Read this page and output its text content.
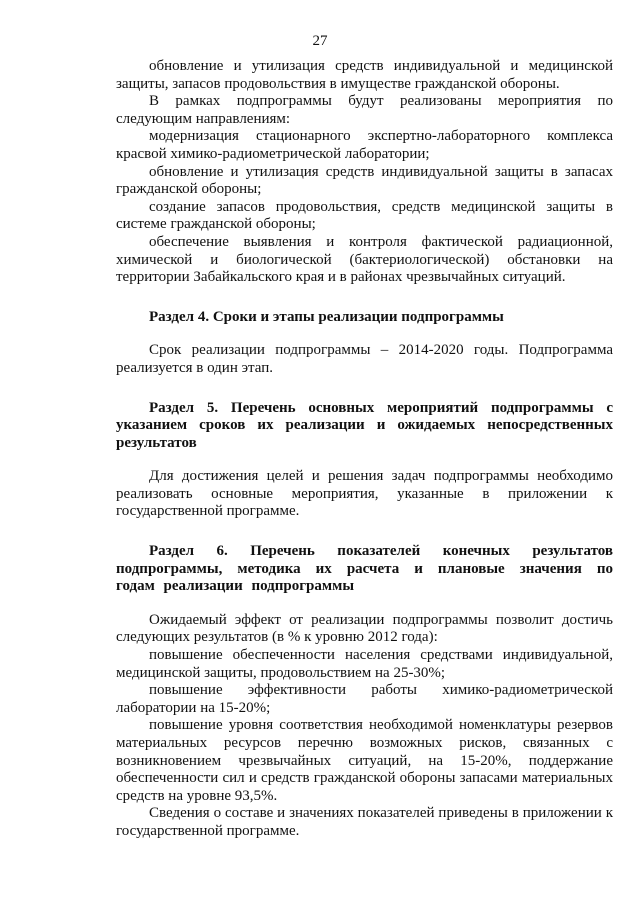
27

обновление и утилизация средств индивидуальной и медицинской защиты, запасов продовольствия в имуществе гражданской обороны.

В рамках подпрограммы будут реализованы мероприятия по следующим направлениям:

модернизация стационарного экспертно-лабораторного комплекса красвой химико-радиометрической лаборатории;

обновление и утилизация средств индивидуальной защиты в запасах гражданской обороны;

создание запасов продовольствия, средств медицинской защиты в системе гражданской обороны;

обеспечение выявления и контроля фактической радиационной, химической и биологической (бактериологической) обстановки на территории Забайкальского края и в районах чрезвычайных ситуаций.

Раздел 4. Сроки и этапы реализации подпрограммы

Срок реализации подпрограммы – 2014-2020 годы. Подпрограмма реализуется в один этап.

Раздел 5. Перечень основных мероприятий подпрограммы с указанием сроков их реализации и ожидаемых непосредственных результатов

Для достижения целей и решения задач подпрограммы необходимо реализовать основные мероприятия, указанные в приложении к государственной программе.

Раздел 6. Перечень показателей конечных результатов подпрограммы, методика их расчета и плановые значения по годам реализации подпрограммы

Ожидаемый эффект от реализации подпрограммы позволит достичь следующих результатов (в % к уровню 2012 года):

повышение обеспеченности населения средствами индивидуальной, медицинской защиты, продовольствием на 25-30%;

повышение эффективности работы химико-радиометрической лаборатории на 15-20%;

повышение уровня соответствия необходимой номенклатуры резервов материальных ресурсов перечню возможных рисков, связанных с возникновением чрезвычайных ситуаций, на 15-20%, поддержание обеспеченности сил и средств гражданской обороны запасами материальных средств на уровне 93,5%.

Сведения о составе и значениях показателей приведены в приложении к государственной программе.
